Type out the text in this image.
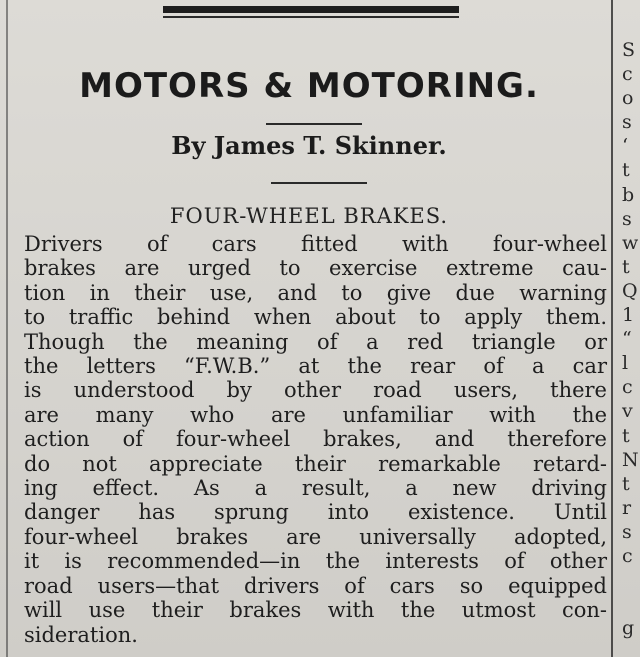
MOTORS & MOTORING.
By James T. Skinner.
FOUR-WHEEL BRAKES.
Drivers of cars fitted with four-wheel
brakes are urged to exercise extreme cau-
tion in their use, and to give due warning
to traffic behind when about to apply them.
Though the meaning of a red triangle or
the letters “F.W.B.” at the rear of a car
is understood by other road users, there
are many who are unfamiliar with the
action of four-wheel brakes, and therefore
do not appreciate their remarkable retard-
ing effect. As a result, a new driving
danger has sprung into existence. Until
four-wheel brakes are universally adopted,
it is recommended—in the interests of other
road users—that drivers of cars so equipped
will use their brakes with the utmost con-
sideration.
S
c
o
s
‘
t
b
s
w
t
Q
1
“
l
c
v
t
N
t
r
s
c

g
